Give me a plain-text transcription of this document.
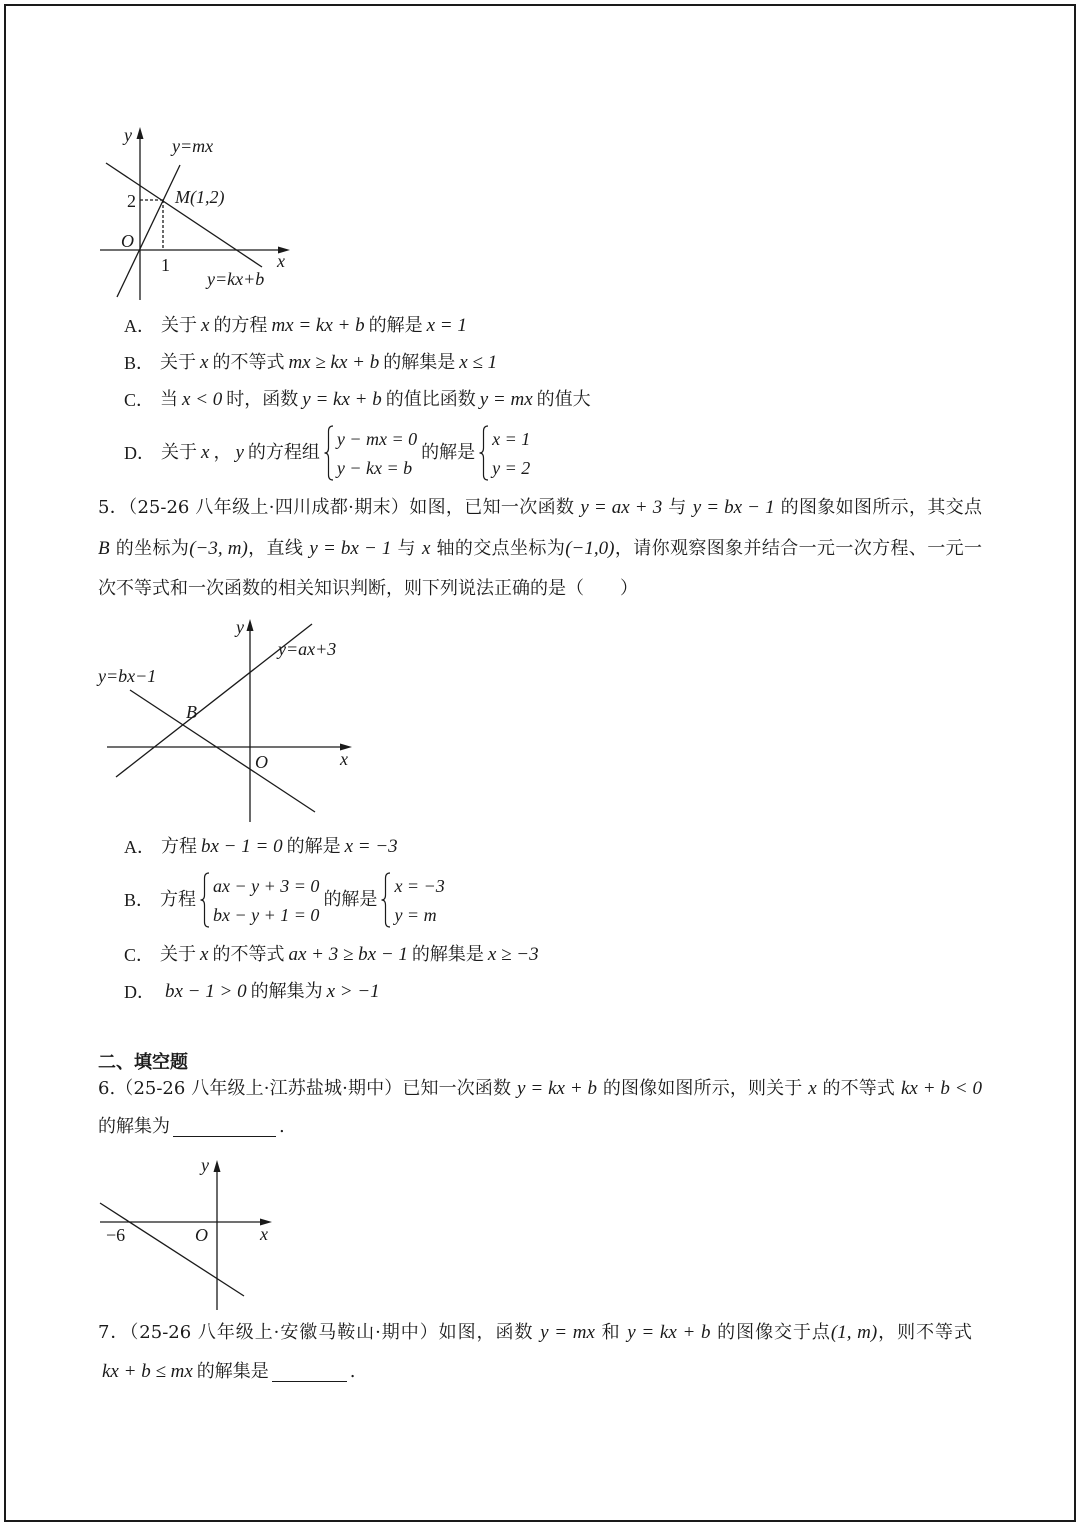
y
y=mx
2 M(1,2)
O
1	x
y=kx+b
A． 关于 x 的方程 mx = kx + b 的解是 x = 1
B． 关于 x 的不等式 mx ≥ kx + b 的解集是 x ≤ 1
C． 当 x < 0 时，函数 y = kx + b 的值比函数 y = mx 的值大
D． 关于 x ， y 的方程组
y − mx = 0
y − kx = b
的解是
x = 1
y = 2
5．（25-26 八年级上·四川成都·期末）如图，已知一次函数 y = ax + 3 与 y = bx − 1 的图象如图所示，其交点
B 的坐标为(−3, m)，直线 y = bx − 1 与 x 轴的交点坐标为(−1,0)，请你观察图象并结合一元一次方程、一元一
次不等式和一次函数的相关知识判断，则下列说法正确的是（　　）
y
y=ax+3
y=bx−1
B
O	x
A． 方程 bx − 1 = 0 的解是 x = −3
B． 方程
ax − y + 3 = 0
bx − y + 1 = 0
的解是
x = −3
y = m
C． 关于 x 的不等式 ax + 3 ≥ bx − 1 的解集是 x ≥ −3
D． bx − 1 > 0 的解集为 x > −1
二、填空题
6.（25-26 八年级上·江苏盐城·期中）已知一次函数 y = kx + b 的图像如图所示，则关于 x 的不等式 kx + b < 0
的解集为	.
y
−6	O	x
7．（25-26 八年级上·安徽马鞍山·期中）如图，函数 y = mx 和 y = kx + b 的图像交于点(1, m)，则不等式
kx + b ≤ mx 的解集是	.
